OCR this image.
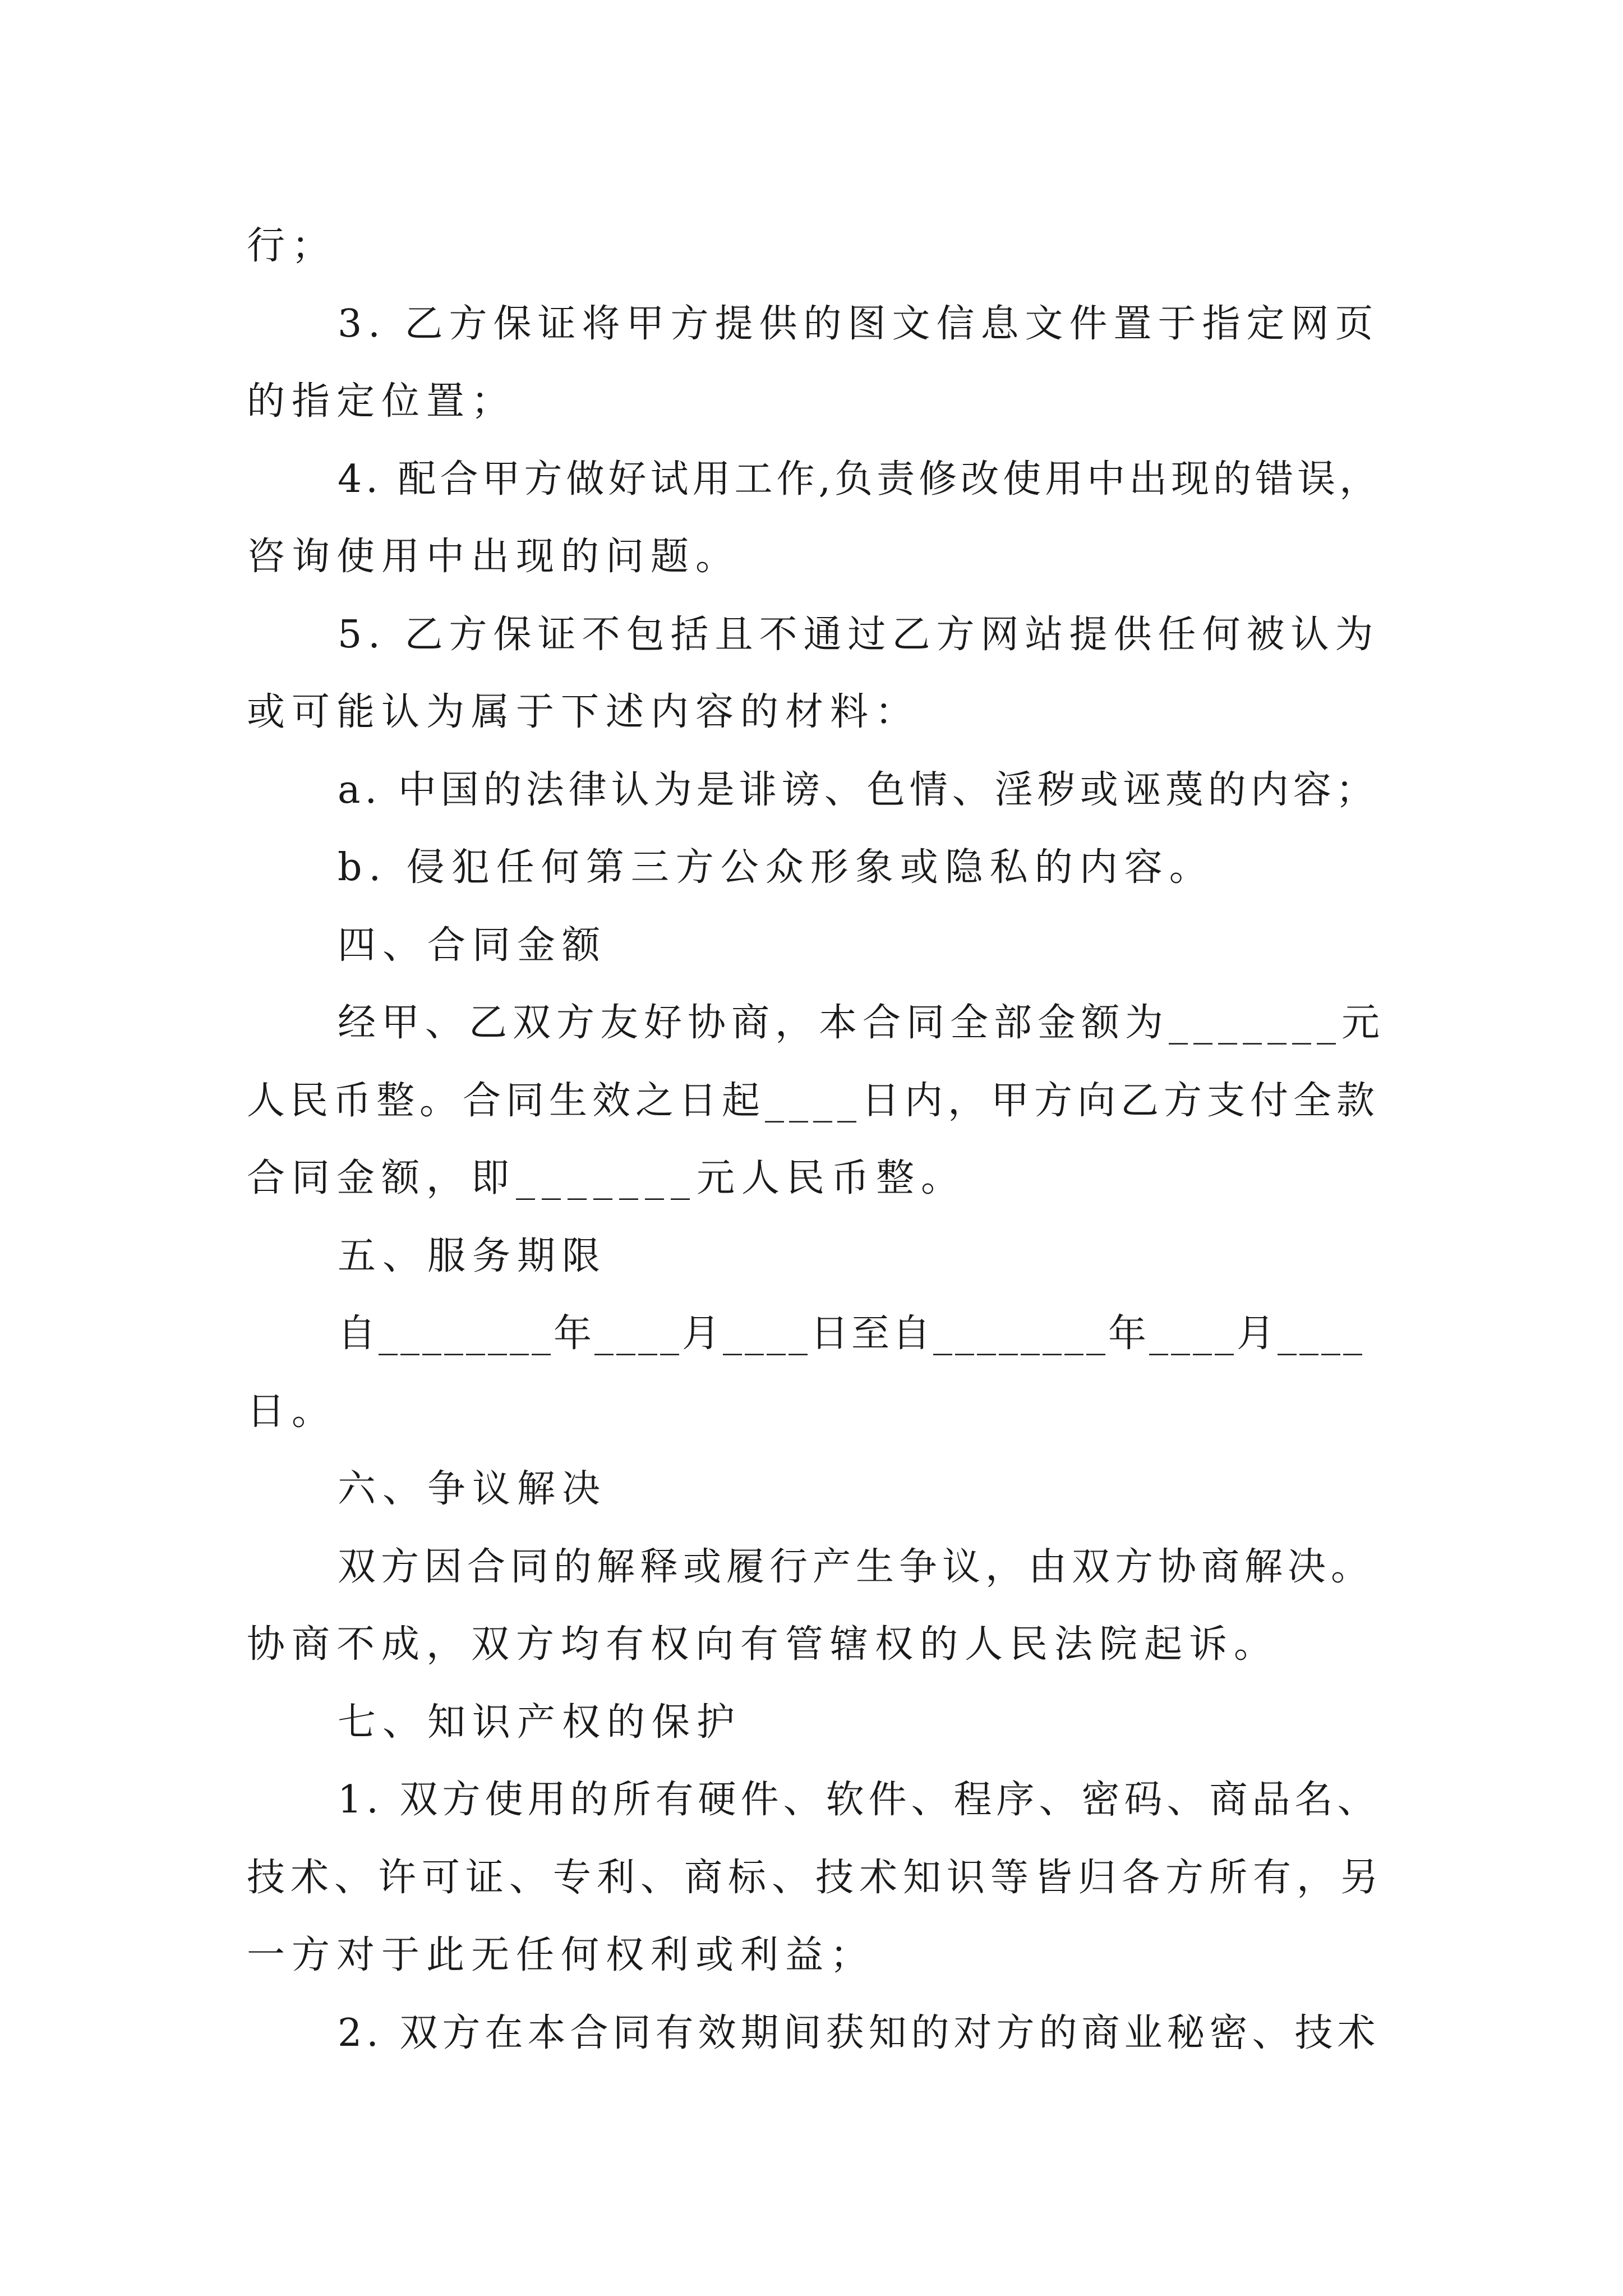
行；
3. 乙方保证将甲方提供的图文信息文件置于指定网页
的指定位置；
4. 配合甲方做好试用工作,负责修改使用中出现的错误，
咨询使用中出现的问题。
5. 乙方保证不包括且不通过乙方网站提供任何被认为
或可能认为属于下述内容的材料：
a. 中国的法律认为是诽谤、色情、淫秽或诬蔑的内容；
b. 侵犯任何第三方公众形象或隐私的内容。
四、合同金额
经甲、乙双方友好协商，本合同全部金额为_______元
人民币整。合同生效之日起____日内，甲方向乙方支付全款
合同金额，即_______元人民币整。
五、服务期限
自________年____月____日至自________年____月____
日。
六、争议解决
双方因合同的解释或履行产生争议，由双方协商解决。
协商不成，双方均有权向有管辖权的人民法院起诉。
七、知识产权的保护
1. 双方使用的所有硬件、软件、程序、密码、商品名、
技术、许可证、专利、商标、技术知识等皆归各方所有，另
一方对于此无任何权利或利益；
2. 双方在本合同有效期间获知的对方的商业秘密、技术
